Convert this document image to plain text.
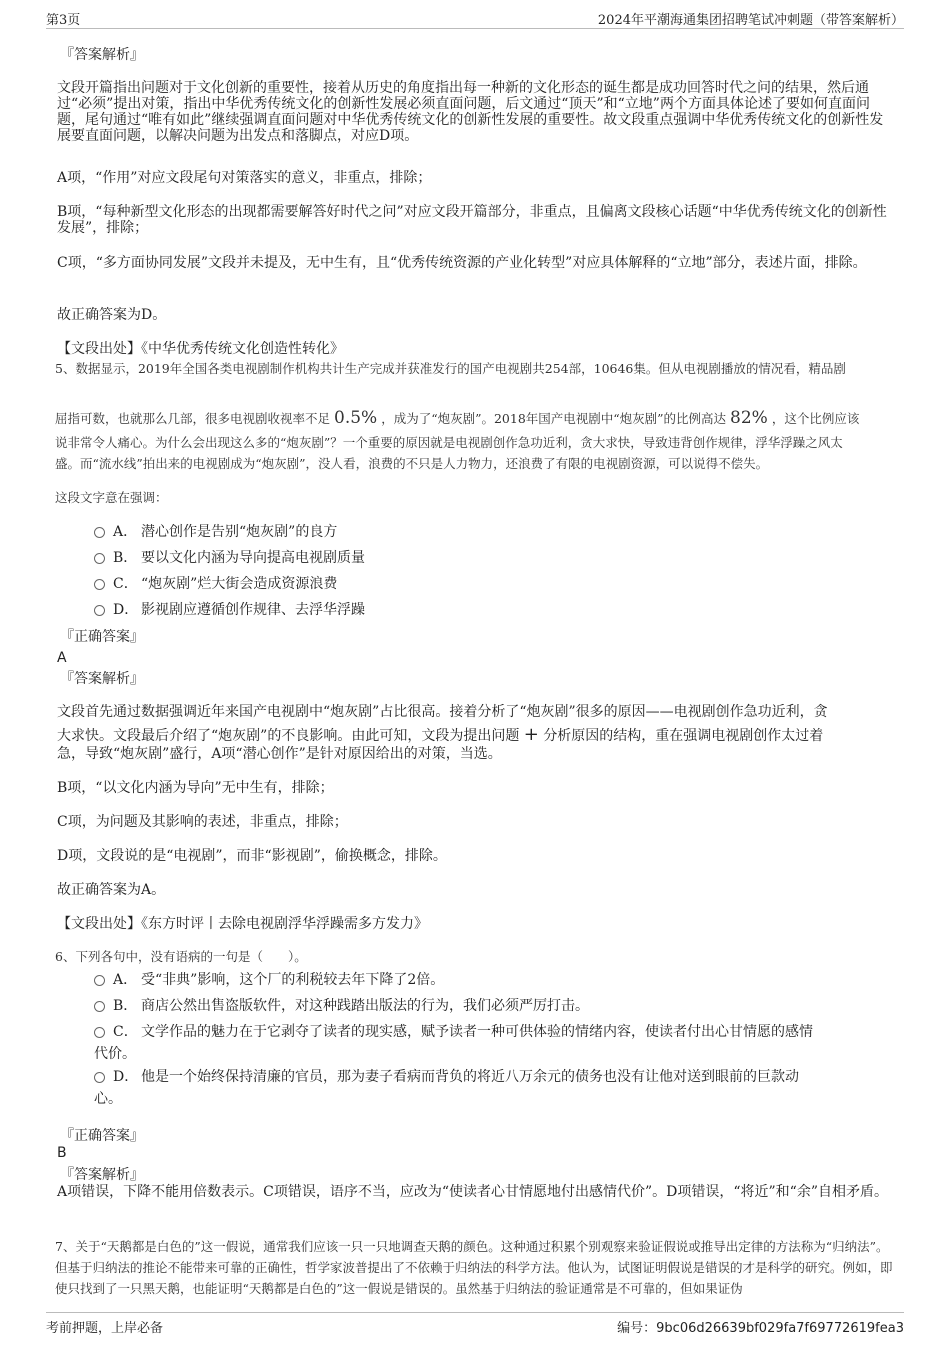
第3页	2024年平潮海通集团招聘笔试冲刺题（带答案解析）
『答案解析』
文段开篇指出问题对于文化创新的重要性，接着从历史的角度指出每一种新的文化形态的诞生都是成功回答时代之问的结果，然后通过“必须”提出对策，指出中华优秀传统文化的创新性发展必须直面问题，后文通过“顶天”和“立地”两个方面具体论述了要如何直面问题，尾句通过“唯有如此”继续强调直面问题对中华优秀传统文化的创新性发展的重要性。故文段重点强调中华优秀传统文化的创新性发展要直面问题，以解决问题为出发点和落脚点，对应D项。
A项，“作用”对应文段尾句对策落实的意义，非重点，排除；
B项，“每种新型文化形态的出现都需要解答好时代之问”对应文段开篇部分，非重点，且偏离文段核心话题“中华优秀传统文化的创新性发展”，排除；
C项，“多方面协同发展”文段并未提及，无中生有，且“优秀传统资源的产业化转型”对应具体解释的“立地”部分，表述片面，排除。
故正确答案为D。
【文段出处】《中华优秀传统文化创造性转化》
5、数据显示，2019年全国各类电视剧制作机构共计生产完成并获准发行的国产电视剧共254部，10646集。但从电视剧播放的情况看，精品剧
屈指可数，也就那么几部，很多电视剧收视率不足 0.5% ，成为了“炮灰剧”。2018年国产电视剧中“炮灰剧”的比例高达 82% ，这个比例应该
说非常令人痛心。为什么会出现这么多的“炮灰剧”？一个重要的原因就是电视剧创作急功近利，贪大求快，导致违背创作规律，浮华浮躁之风太
盛。而“流水线”拍出来的电视剧成为“炮灰剧”，没人看，浪费的不只是人力物力，还浪费了有限的电视剧资源，可以说得不偿失。
这段文字意在强调：
A． 潜心创作是告别“炮灰剧”的良方
B． 要以文化内涵为导向提高电视剧质量
C． “炮灰剧”烂大街会造成资源浪费
D． 影视剧应遵循创作规律、去浮华浮躁
『正确答案』
A
『答案解析』
文段首先通过数据强调近年来国产电视剧中“炮灰剧”占比很高。接着分析了“炮灰剧”很多的原因——电视剧创作急功近利，贪
大求快。文段最后介绍了“炮灰剧”的不良影响。由此可知，文段为提出问题 + 分析原因的结构，重在强调电视剧创作太过着
急，导致“炮灰剧”盛行，A项“潜心创作”是针对原因给出的对策，当选。
B项，“以文化内涵为导向”无中生有，排除；
C项，为问题及其影响的表述，非重点，排除；
D项，文段说的是“电视剧”，而非“影视剧”，偷换概念，排除。
故正确答案为A。
【文段出处】《东方时评丨去除电视剧浮华浮躁需多方发力》
6、下列各句中，没有语病的一句是（　　）。
A． 受“非典”影响，这个厂的利税较去年下降了2倍。
B． 商店公然出售盗版软件，对这种践踏出版法的行为，我们必须严厉打击。
C． 文学作品的魅力在于它剥夺了读者的现实感，赋予读者一种可供体验的情绪内容，使读者付出心甘情愿的感情
代价。
D． 他是一个始终保持清廉的官员，那为妻子看病而背负的将近八万余元的债务也没有让他对送到眼前的巨款动
心。
『正确答案』
B
『答案解析』
A项错误，下降不能用倍数表示。C项错误，语序不当，应改为“使读者心甘情愿地付出感情代价”。D项错误，“将近”和“余”自相矛盾。
7、关于“天鹅都是白色的”这一假说，通常我们应该一只一只地调查天鹅的颜色。这种通过积累个别观察来验证假说或推导出定律的方法称为“归纳法”。但基于归纳法的推论不能带来可靠的正确性，哲学家波普提出了不依赖于归纳法的科学方法。他认为，试图证明假说是错误的才是科学的研究。例如，即使只找到了一只黑天鹅，也能证明“天鹅都是白色的”这一假说是错误的。虽然基于归纳法的验证通常是不可靠的，但如果证伪
考前押题，上岸必备	编号：9bc06d26639bf029fa7f69772619fea3
